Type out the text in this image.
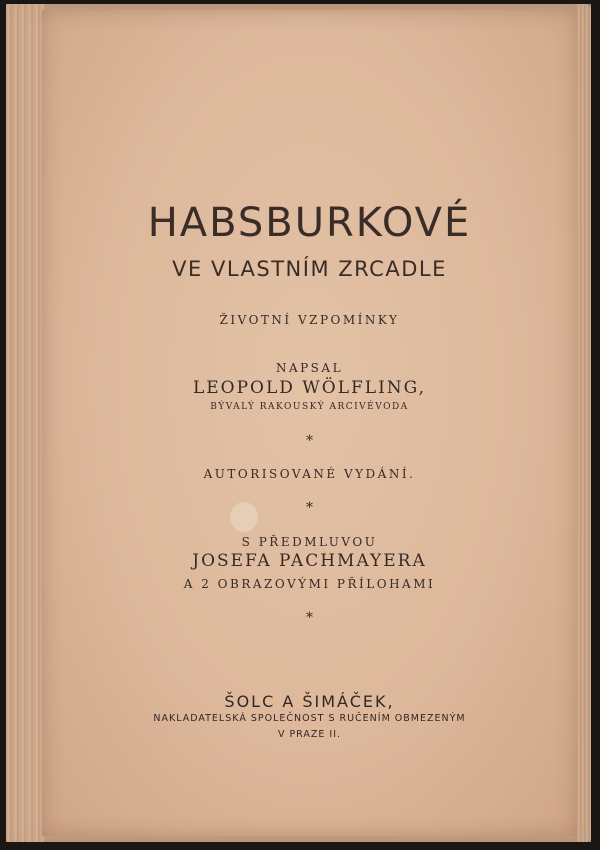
HABSBURKOVÉ
VE VLASTNÍM ZRCADLE
ŽIVOTNÍ VZPOMÍNKY
NAPSAL
LEOPOLD WÖLFLING,
BÝVALÝ RAKOUSKÝ ARCIVÉVODA
*
AUTORISOVANÉ VYDÁNÍ.
*
S PŘEDMLUVOU
JOSEFA PACHMAYERA
A 2 OBRAZOVÝMI PŘÍLOHAMI
*
ŠOLC A ŠIMÁČEK,
NAKLADATELSKÁ SPOLEČNOST S RUČENÍM OBMEZENÝM
V PRAZE II.
